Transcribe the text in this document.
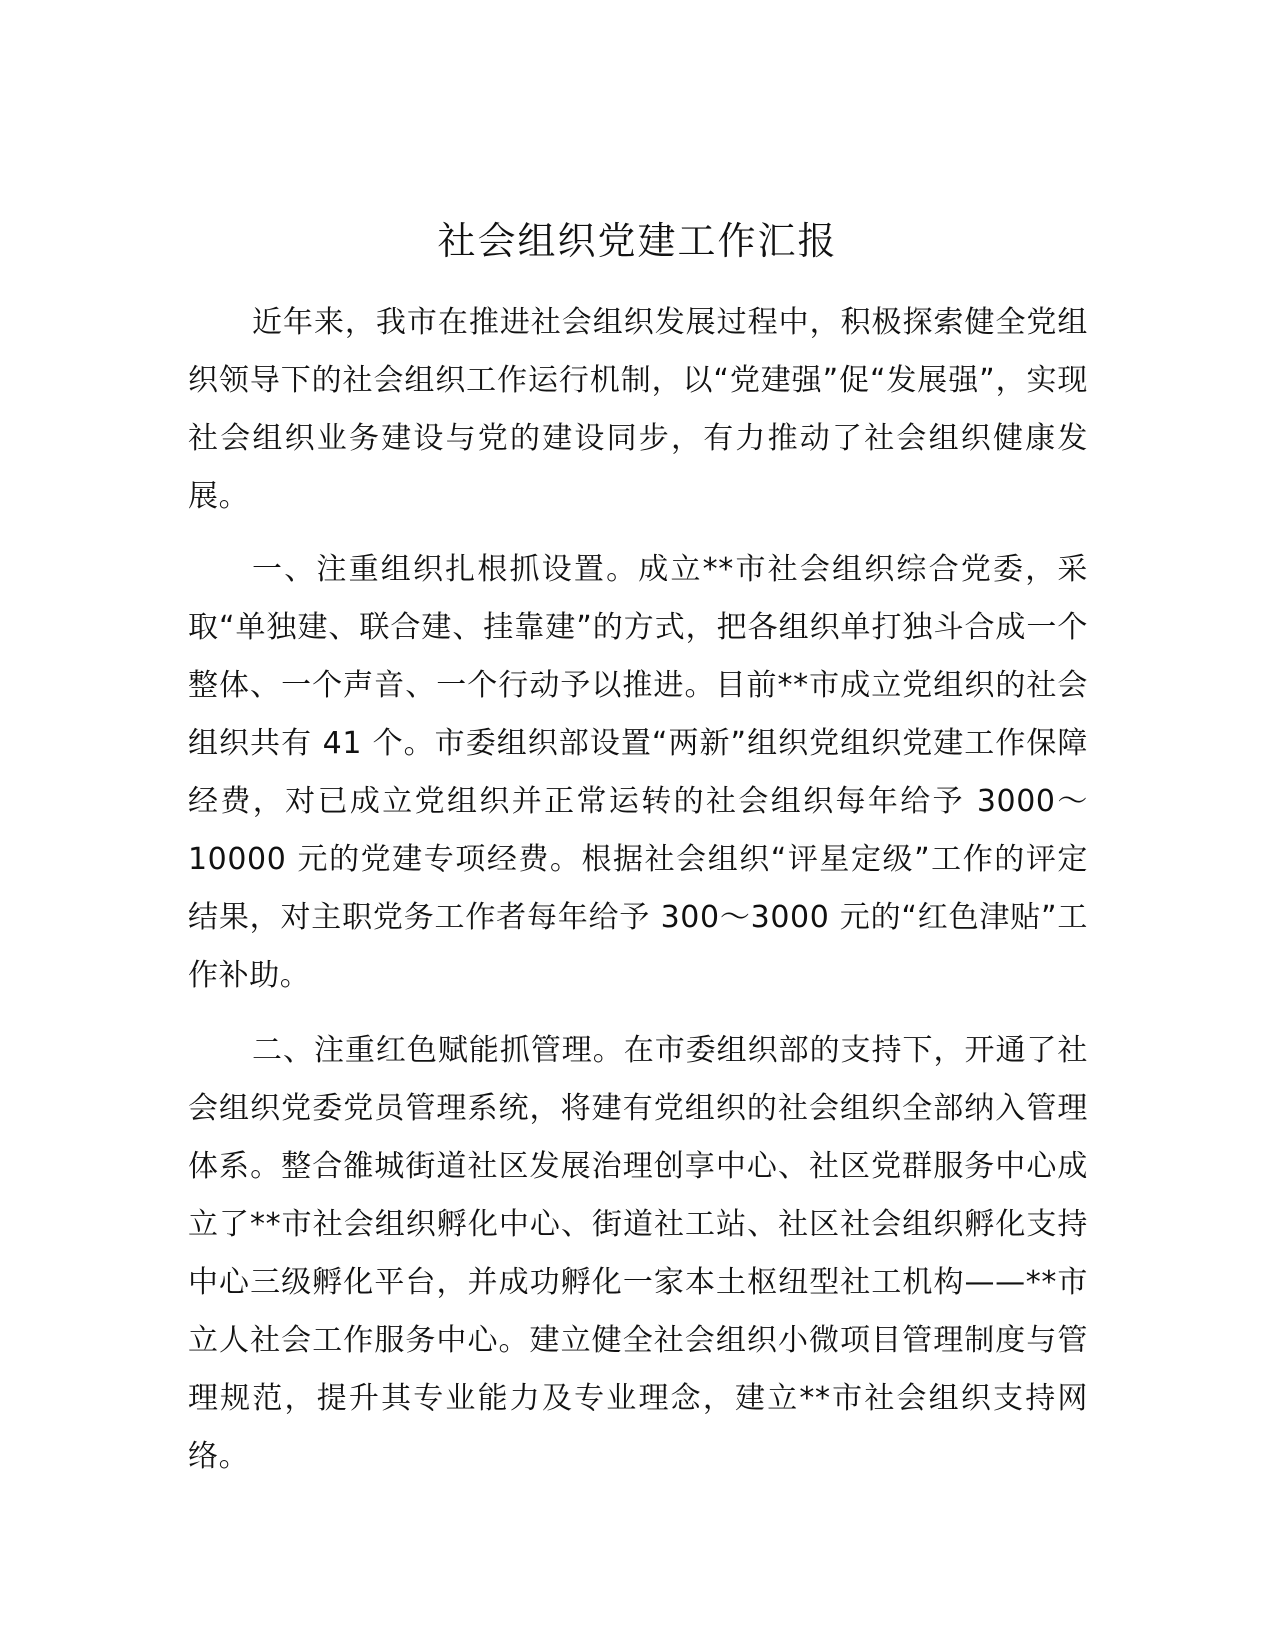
社会组织党建工作汇报

近年来，我市在推进社会组织发展过程中，积极探索健全党组织领导下的社会组织工作运行机制，以“党建强”促“发展强”，实现社会组织业务建设与党的建设同步，有力推动了社会组织健康发展。

一、注重组织扎根抓设置。成立**市社会组织综合党委，采取“单独建、联合建、挂靠建”的方式，把各组织单打独斗合成一个整体、一个声音、一个行动予以推进。目前**市成立党组织的社会组织共有 41 个。市委组织部设置“两新”组织党组织党建工作保障经费，对已成立党组织并正常运转的社会组织每年给予 3000～10000 元的党建专项经费。根据社会组织“评星定级”工作的评定结果，对主职党务工作者每年给予 300～3000 元的“红色津贴”工作补助。

二、注重红色赋能抓管理。在市委组织部的支持下，开通了社会组织党委党员管理系统，将建有党组织的社会组织全部纳入管理体系。整合雒城街道社区发展治理创享中心、社区党群服务中心成立了**市社会组织孵化中心、街道社工站、社区社会组织孵化支持中心三级孵化平台，并成功孵化一家本土枢纽型社工机构——**市立人社会工作服务中心。建立健全社会组织小微项目管理制度与管理规范，提升其专业能力及专业理念，建立**市社会组织支持网络。
